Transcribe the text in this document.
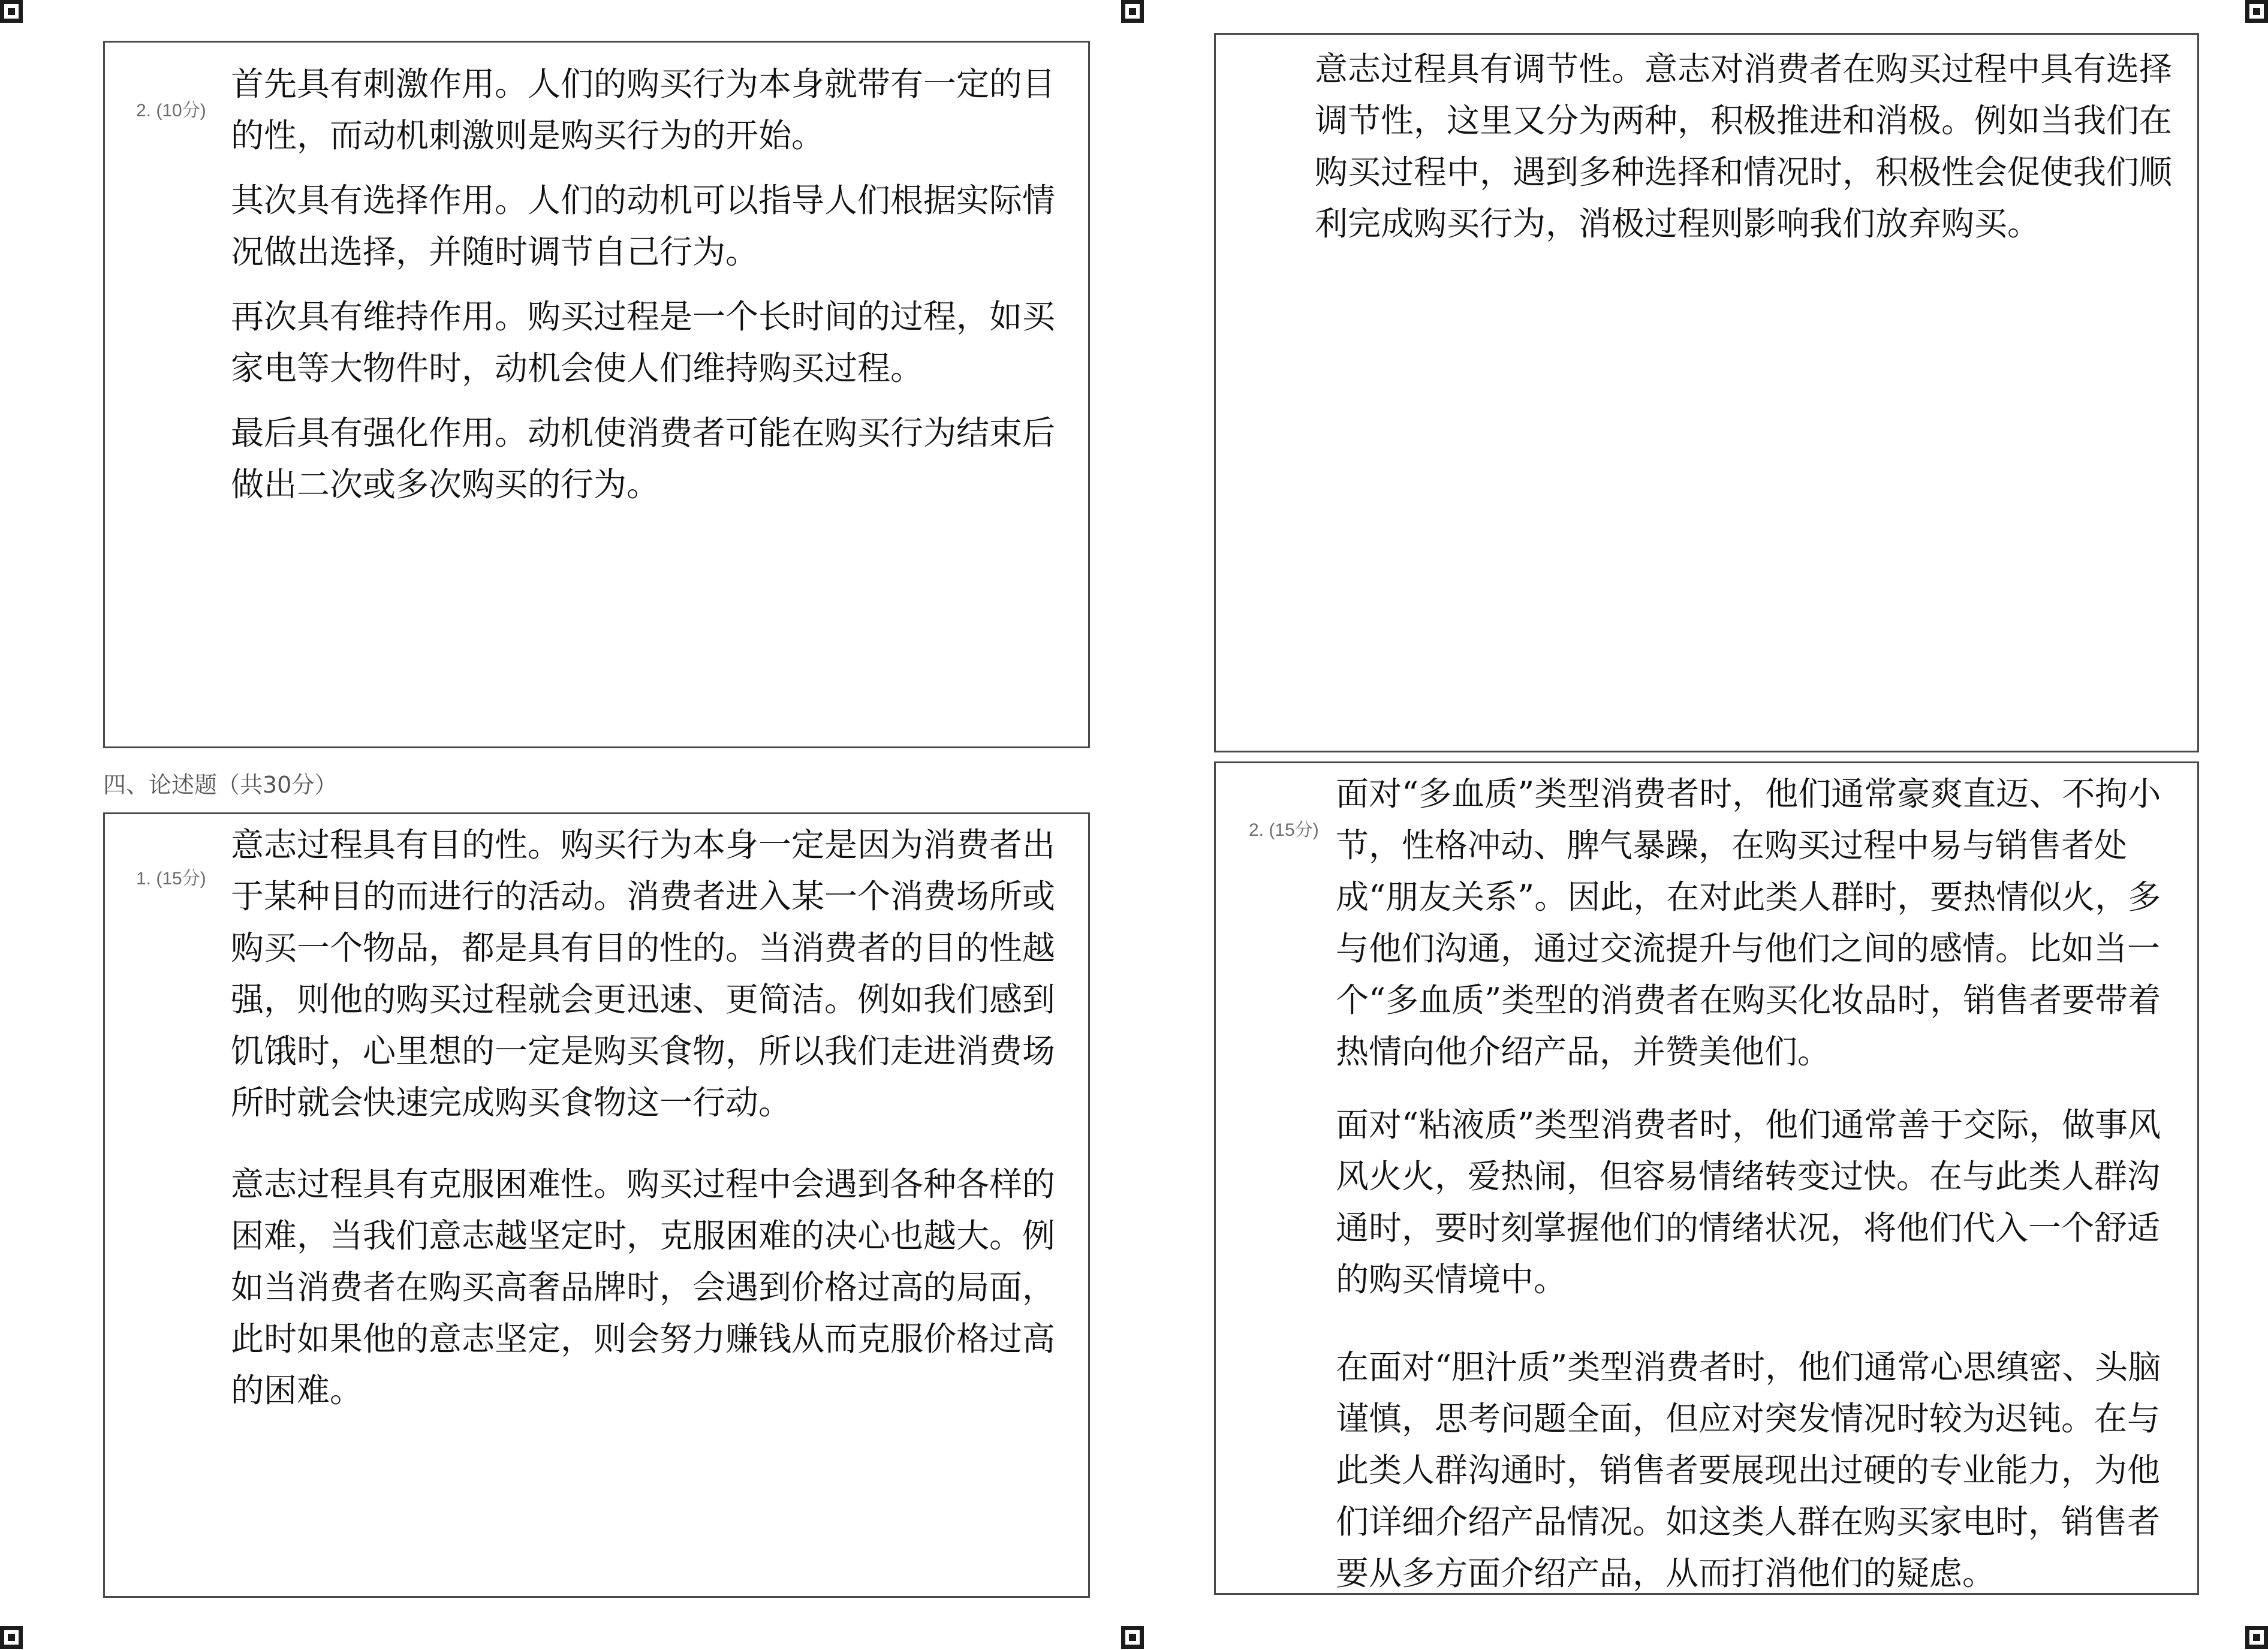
2. (10分)

首先具有刺激作用。人们的购买行为本身就带有一定的目的性，而动机刺激则是购买行为的开始。

其次具有选择作用。人们的动机可以指导人们根据实际情况做出选择，并随时调节自己行为。

再次具有维持作用。购买过程是一个长时间的过程，如买家电等大物件时，动机会使人们维持购买过程。

最后具有强化作用。动机使消费者可能在购买行为结束后做出二次或多次购买的行为。

四、论述题（共30分）
1. (15分)

意志过程具有目的性。购买行为本身一定是因为消费者出于某种目的而进行的活动。消费者进入某一个消费场所或购买一个物品，都是具有目的性的。当消费者的目的性越强，则他的购买过程就会更迅速、更简洁。例如我们感到饥饿时，心里想的一定是购买食物，所以我们走进消费场所时就会快速完成购买食物这一行动。

意志过程具有克服困难性。购买过程中会遇到各种各样的困难，当我们意志越坚定时，克服困难的决心也越大。例如当消费者在购买高奢品牌时，会遇到价格过高的局面，此时如果他的意志坚定，则会努力赚钱从而克服价格过高的困难。

意志过程具有调节性。意志对消费者在购买过程中具有选择调节性，这里又分为两种，积极推进和消极。例如当我们在购买过程中，遇到多种选择和情况时，积极性会促使我们顺利完成购买行为，消极过程则影响我们放弃购买。

2. (15分)

面对“多血质”类型消费者时，他们通常豪爽直迈、不拘小节，性格冲动、脾气暴躁，在购买过程中易与销售者处成“朋友关系”。因此，在对此类人群时，要热情似火，多与他们沟通，通过交流提升与他们之间的感情。比如当一个“多血质”类型的消费者在购买化妆品时，销售者要带着热情向他介绍产品，并赞美他们。

面对“粘液质”类型消费者时，他们通常善于交际，做事风风火火，爱热闹，但容易情绪转变过快。在与此类人群沟通时，要时刻掌握他们的情绪状况，将他们代入一个舒适的购买情境中。

在面对“胆汁质”类型消费者时，他们通常心思缜密、头脑谨慎，思考问题全面，但应对突发情况时较为迟钝。在与此类人群沟通时，销售者要展现出过硬的专业能力，为他们详细介绍产品情况。如这类人群在购买家电时，销售者要从多方面介绍产品，从而打消他们的疑虑。
